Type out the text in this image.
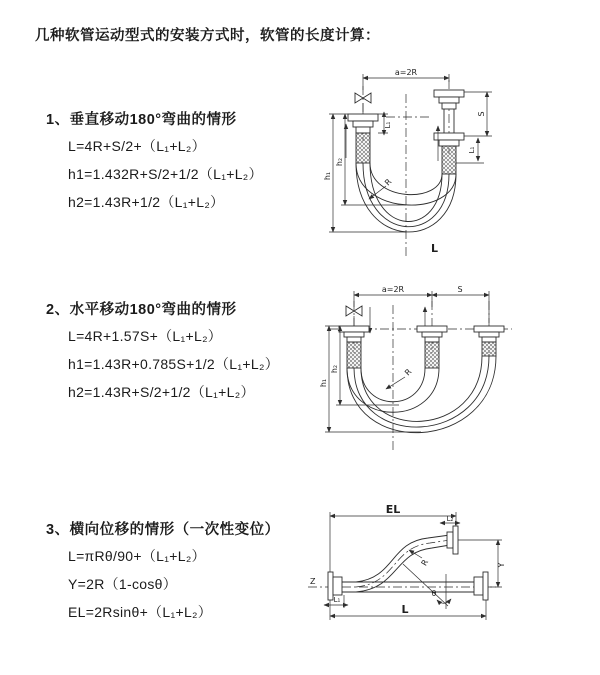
几种软管运动型式的安装方式时，软管的长度计算：
1、垂直移动180°弯曲的情形
L=4R+S/2+（L₁+L₂）
h1=1.432R+S/2+1/2（L₁+L₂）
h2=1.43R+1/2（L₁+L₂）
2、水平移动180°弯曲的情形
L=4R+1.57S+（L₁+L₂）
h1=1.43R+0.785S+1/2（L₁+L₂）
h2=1.43R+S/2+1/2（L₁+L₂）
3、横向位移的情形（一次性变位）
L=πRθ/90+（L₁+L₂）
Y=2R（1-cosθ）
EL=2Rsinθ+（L₁+L₂）
a=2R
L₁
S
L₁
h₁
h₂
R
L
a=2R	S
h₁
h₂	R
Z
EL
L₂
Y
R
θ
L₁
L
